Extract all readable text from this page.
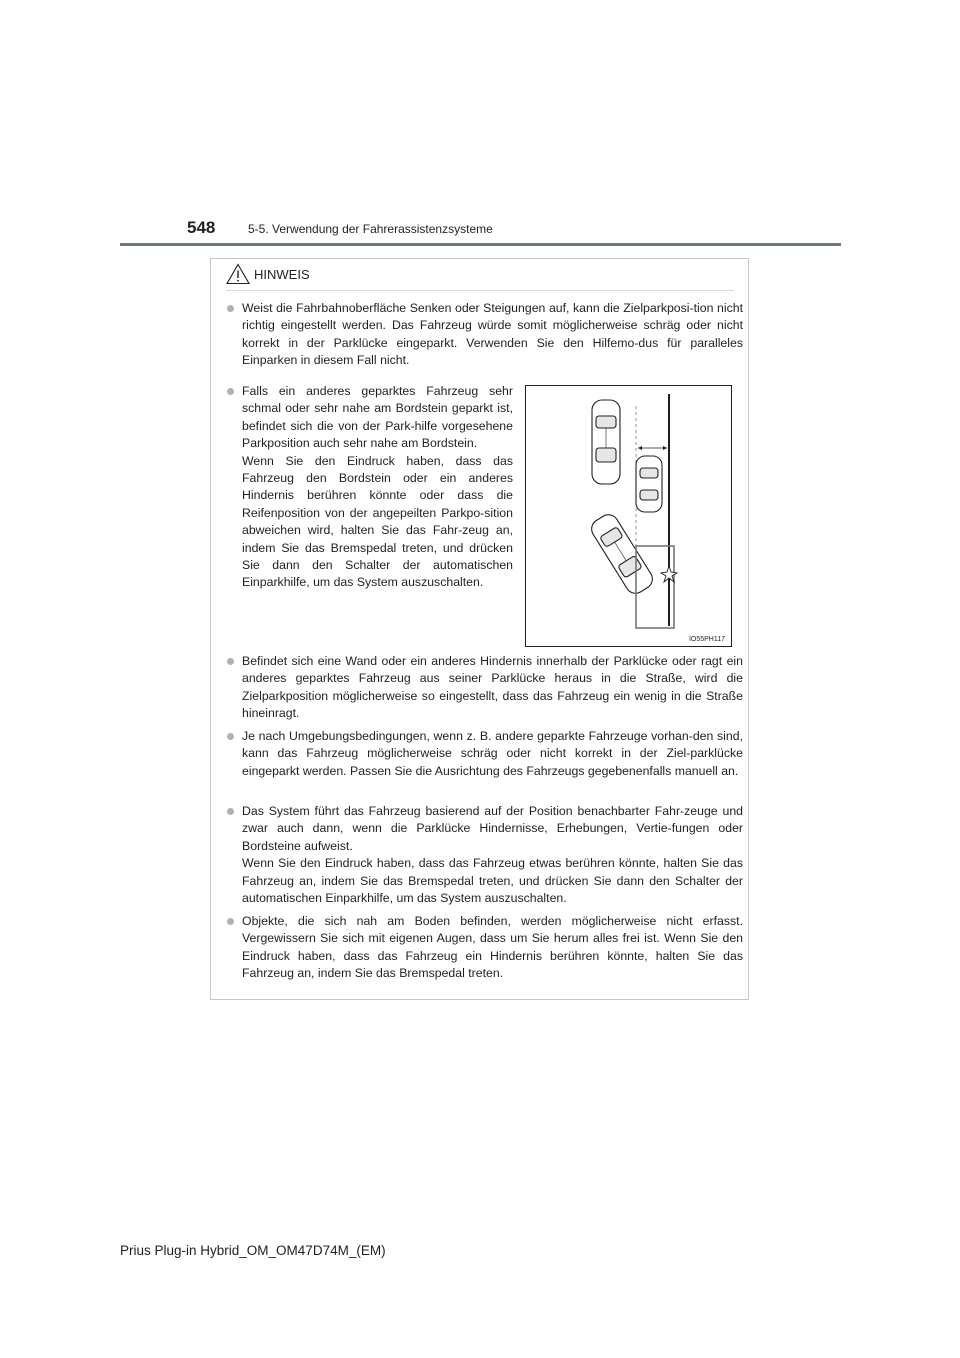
548	5-5. Verwendung der Fahrerassistenzsysteme
HINWEIS

Weist die Fahrbahnoberfläche Senken oder Steigungen auf, kann die Zielparkposi-tion nicht richtig eingestellt werden. Das Fahrzeug würde somit möglicherweise schräg oder nicht korrekt in der Parklücke eingeparkt. Verwenden Sie den Hilfemo-dus für paralleles Einparken in diesem Fall nicht.

Falls ein anderes geparktes Fahrzeug sehr schmal oder sehr nahe am Bordstein geparkt ist, befindet sich die von der Park-hilfe vorgesehene Parkposition auch sehr nahe am Bordstein.

Wenn Sie den Eindruck haben, dass das Fahrzeug den Bordstein oder ein anderes Hindernis berühren könnte oder dass die Reifenposition von der angepeilten Parkpo-sition abweichen wird, halten Sie das Fahr-zeug an, indem Sie das Bremspedal treten, und drücken Sie dann den Schalter der automatischen Einparkhilfe, um das System auszuschalten.

IO55PH117

Befindet sich eine Wand oder ein anderes Hindernis innerhalb der Parklücke oder ragt ein anderes geparktes Fahrzeug aus seiner Parklücke heraus in die Straße, wird die Zielparkposition möglicherweise so eingestellt, dass das Fahrzeug ein wenig in die Straße hineinragt.

Je nach Umgebungsbedingungen, wenn z. B. andere geparkte Fahrzeuge vorhan-den sind, kann das Fahrzeug möglicherweise schräg oder nicht korrekt in der Ziel-parklücke eingeparkt werden. Passen Sie die Ausrichtung des Fahrzeugs gegebenenfalls manuell an.

Das System führt das Fahrzeug basierend auf der Position benachbarter Fahr-zeuge und zwar auch dann, wenn die Parklücke Hindernisse, Erhebungen, Vertie-fungen oder Bordsteine aufweist.

Wenn Sie den Eindruck haben, dass das Fahrzeug etwas berühren könnte, halten Sie das Fahrzeug an, indem Sie das Bremspedal treten, und drücken Sie dann den Schalter der automatischen Einparkhilfe, um das System auszuschalten.

Objekte, die sich nah am Boden befinden, werden möglicherweise nicht erfasst. Vergewissern Sie sich mit eigenen Augen, dass um Sie herum alles frei ist. Wenn Sie den Eindruck haben, dass das Fahrzeug ein Hindernis berühren könnte, halten Sie das Fahrzeug an, indem Sie das Bremspedal treten.

Prius Plug-in Hybrid_OM_OM47D74M_(EM)
